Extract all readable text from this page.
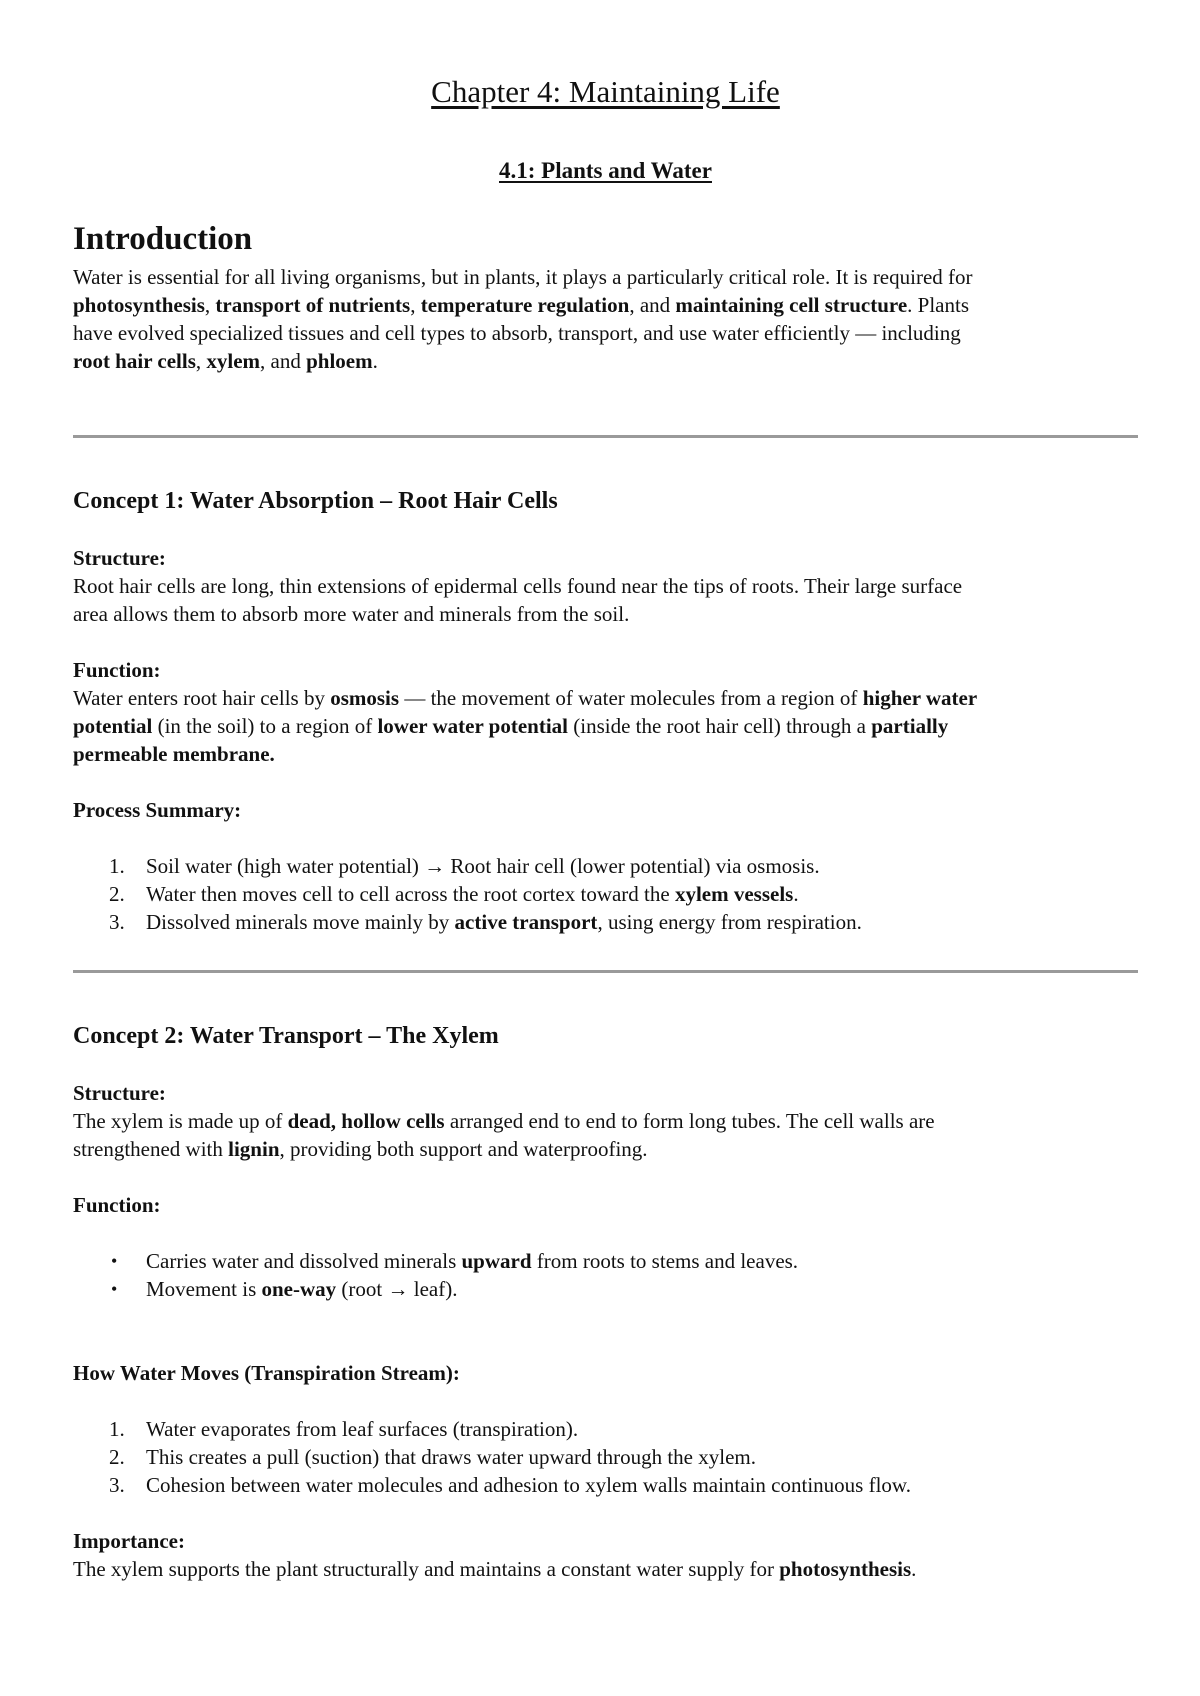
Chapter 4: Maintaining Life
4.1: Plants and Water
Introduction

Water is essential for all living organisms, but in plants, it plays a particularly critical role. It is required for
photosynthesis, transport of nutrients, temperature regulation, and maintaining cell structure. Plants
have evolved specialized tissues and cell types to absorb, transport, and use water efficiently — including
root hair cells, xylem, and phloem.

Concept 1: Water Absorption – Root Hair Cells

Structure:

Root hair cells are long, thin extensions of epidermal cells found near the tips of roots. Their large surface
area allows them to absorb more water and minerals from the soil.

Function:

Water enters root hair cells by osmosis — the movement of water molecules from a region of higher water
potential (in the soil) to a region of lower water potential (inside the root hair cell) through a partially
permeable membrane.

Process Summary:

1.	Soil water (high water potential) → Root hair cell (lower potential) via osmosis.
2.	Water then moves cell to cell across the root cortex toward the xylem vessels.
3.	Dissolved minerals move mainly by active transport, using energy from respiration.
Concept 2: Water Transport – The Xylem

Structure:

The xylem is made up of dead, hollow cells arranged end to end to form long tubes. The cell walls are
strengthened with lignin, providing both support and waterproofing.

Function:

• Carries water and dissolved minerals upward from roots to stems and leaves.
• Movement is one-way (root → leaf).

How Water Moves (Transpiration Stream):

1.	Water evaporates from leaf surfaces (transpiration).
2.	This creates a pull (suction) that draws water upward through the xylem.
3.	Cohesion between water molecules and adhesion to xylem walls maintain continuous flow.

Importance:

The xylem supports the plant structurally and maintains a constant water supply for photosynthesis.
